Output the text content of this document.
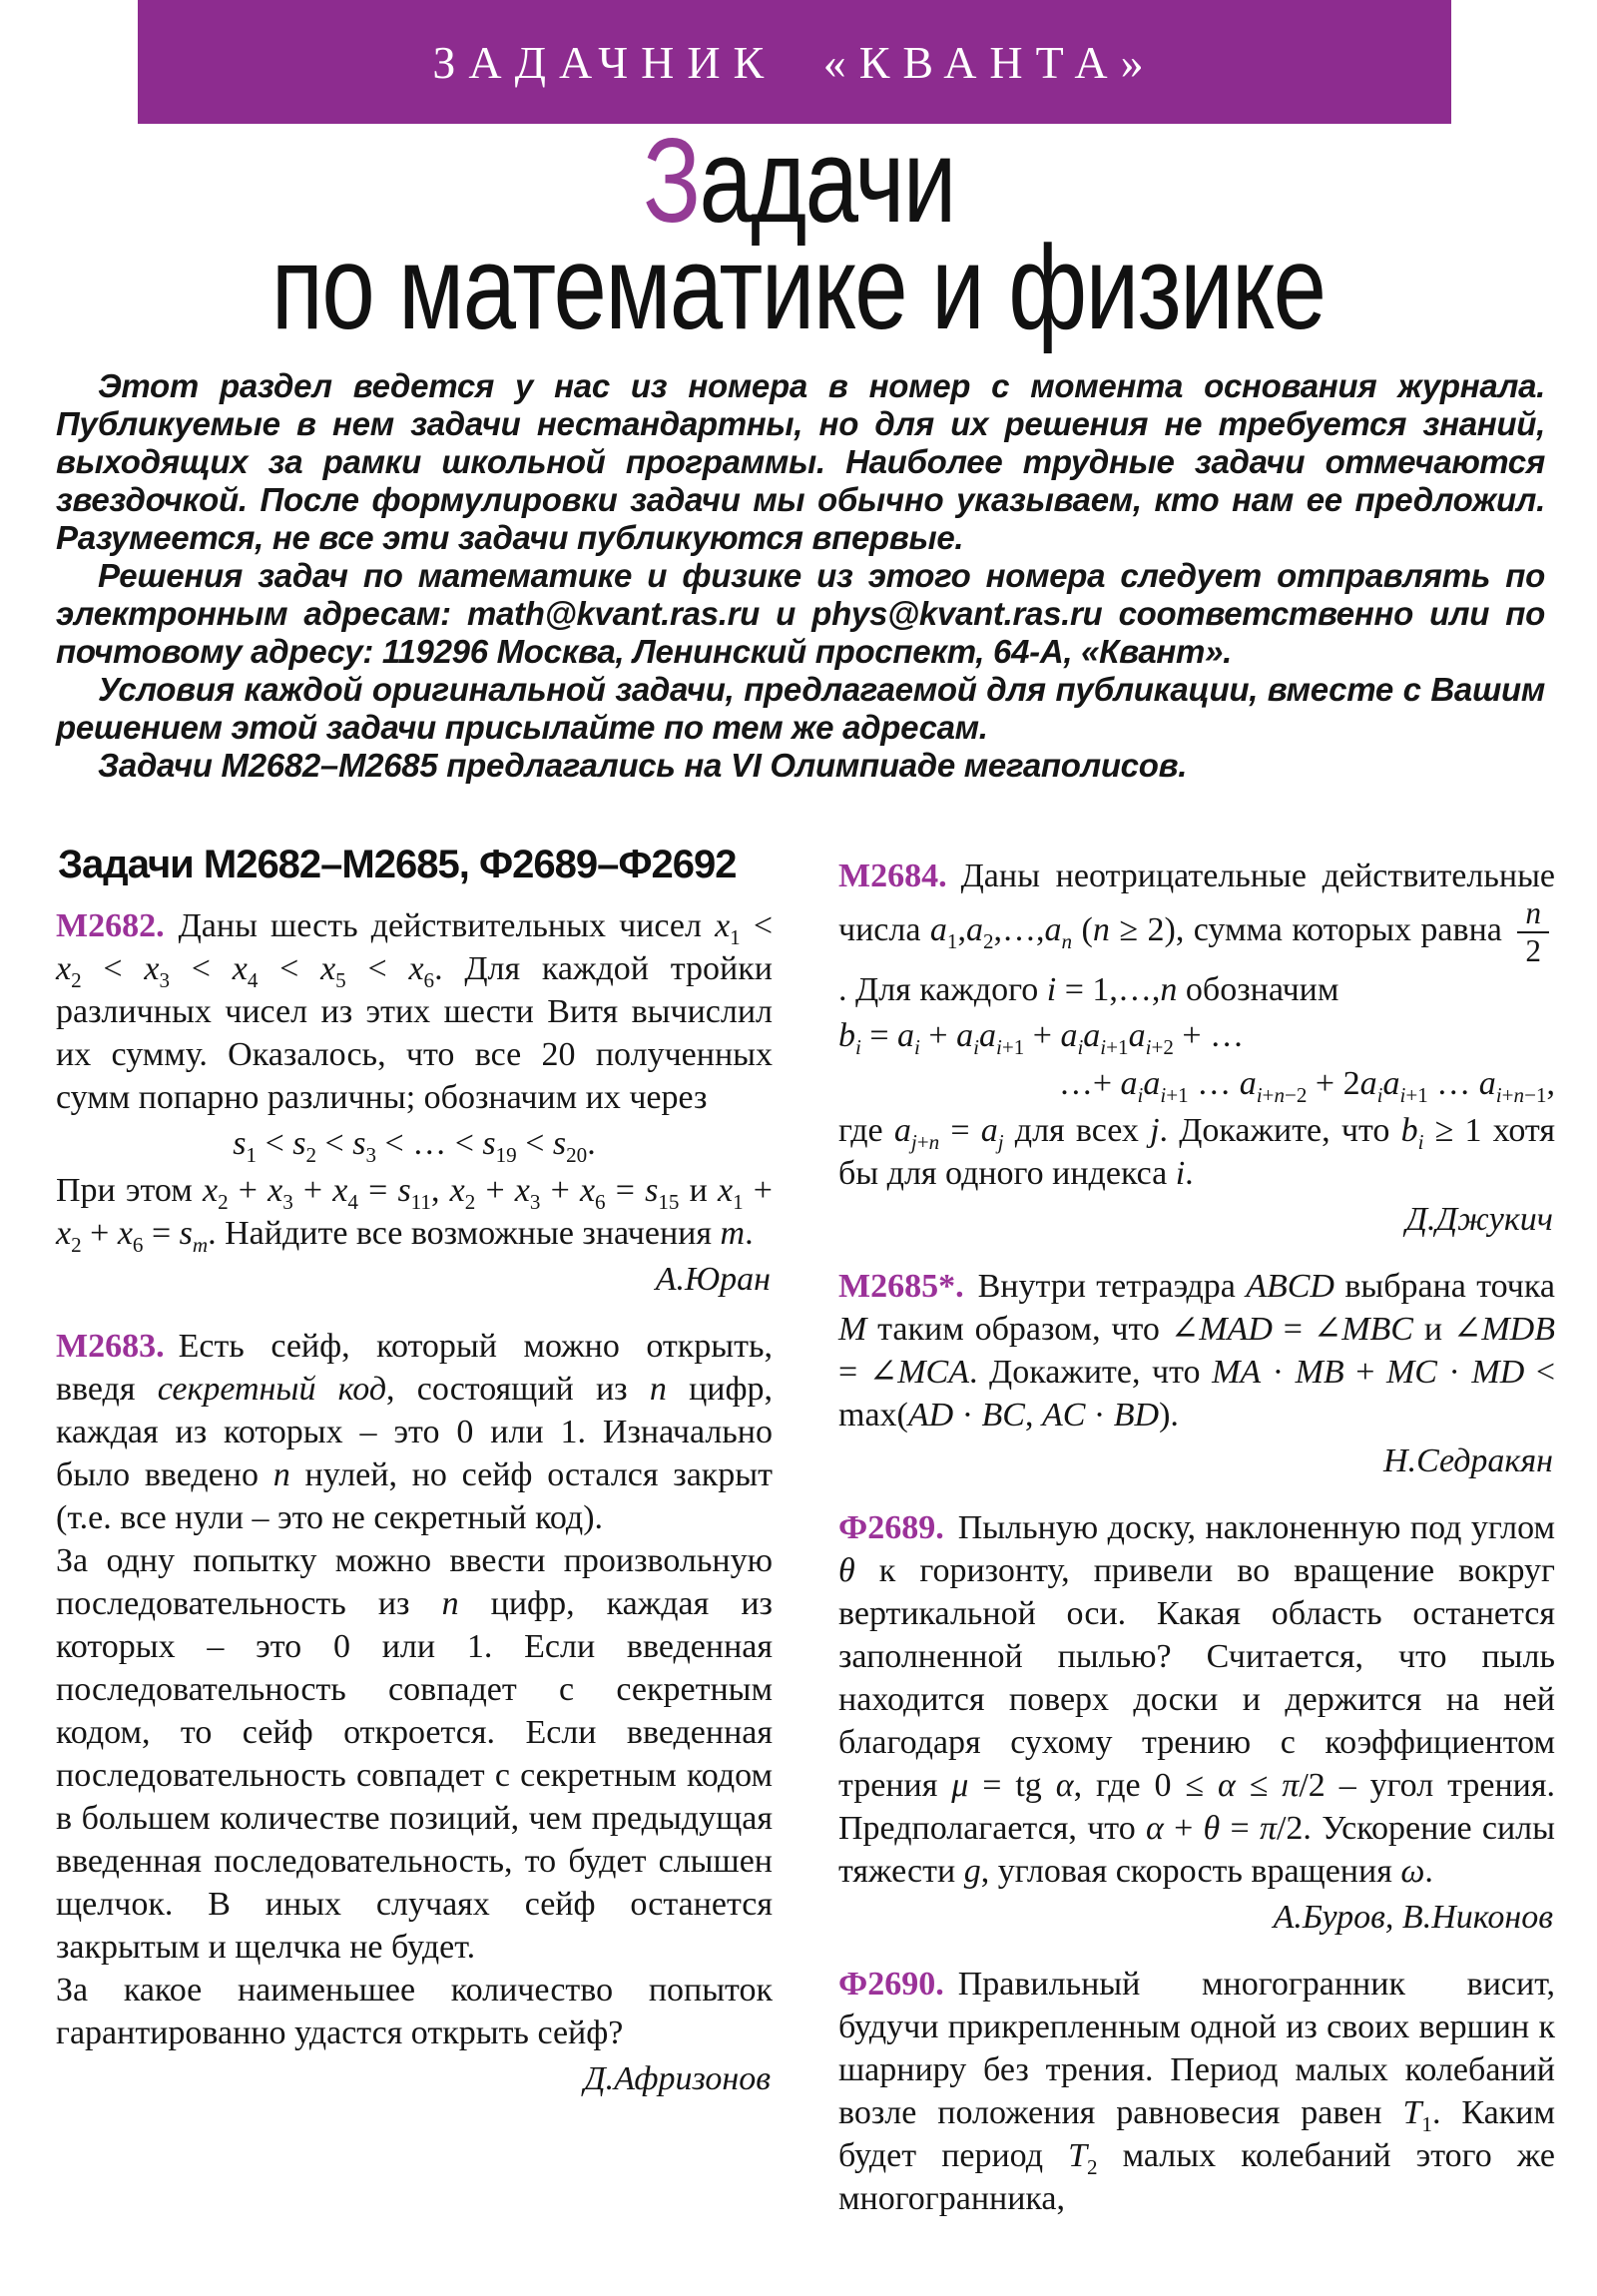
ЗАДАЧНИК «КВАНТА»
Задачи
по математике и физике

Этот раздел ведется у нас из номера в номер с момента основания журнала. Публикуемые в нем задачи нестандартны, но для их решения не требуется знаний, выходящих за рамки школьной программы. Наиболее трудные задачи отмечаются звездочкой. После формулировки задачи мы обычно указываем, кто нам ее предложил. Разумеется, не все эти задачи публикуются впервые.

Решения задач по математике и физике из этого номера следует отправлять по электронным адресам: math@kvant.ras.ru и phys@kvant.ras.ru соответственно или по почтовому адресу: 119296 Москва, Ленинский проспект, 64-А, «Квант».

Условия каждой оригинальной задачи, предлагаемой для публикации, вместе с Вашим решением этой задачи присылайте по тем же адресам.

Задачи М2682–М2685 предлагались на VI Олимпиаде мегаполисов.

Задачи М2682–М2685, Ф2689–Ф2692

М2682. Даны шесть действительных чисел $x_1 < x_2 < x_3 < x_4 < x_5 < x_6$. Для каждой тройки различных чисел из этих шести Витя вычислил их сумму. Оказалось, что все 20 полученных сумм попарно различны; обозначим их через

$s_1 < s_2 < s_3$ < … < $s_{19} < s_{20}$.

При этом $x_2 + x_3 + x_4 = s_{11}$, $x_2 + x_3 + x_6 = s_{15}$ и $x_1 + x_2 + x_6 = s_m$. Найдите все возможные значения m.

А.Юран

М2683. Есть сейф, который можно открыть, введя секретный код, состоящий из n цифр, каждая из которых – это 0 или 1. Изначально было введено n нулей, но сейф остался закрыт (т.е. все нули – это не секретный код).

За одну попытку можно ввести произвольную последовательность из n цифр, каждая из которых – это 0 или 1. Если введенная последовательность совпадет с секретным кодом, то сейф откроется. Если введенная последовательность совпадет с секретным кодом в большем количестве позиций, чем предыдущая введенная последовательность, то будет слышен щелчок. В иных случаях сейф останется закрытым и щелчка не будет.

За какое наименьшее количество попыток гарантированно удастся открыть сейф?

Д.Афризонов

М2684. Даны неотрицательные действительные числа $a_1,a_2,\dots,a_n$ (n ≥ 2), сумма которых равна $\frac{n}{2}$
. Для каждого i = 1,…,n обозначим

$b_i = a_i + a_ia_{i+1} + a_ia_{i+1}a_{i+2}$ + …
…+ $a_ia_{i+1}$ … $a_{i+n-2} + 2a_ia_{i+1}$ … $a_{i+n-1}$,

где $a_{j+n} = a_j$ для всех j. Докажите, что $b_i \ge 1$ хотя бы для одного индекса i.

Д.Джукич

М2685*. Внутри тетраэдра ABCD выбрана точка M таким образом, что ∠MAD = ∠MBC и ∠MDB = ∠MCA. Докажите, что MA · MB + MC · MD < max(AD · BC, AC · BD).

Н.Седракян

Ф2689. Пыльную доску, наклоненную под углом θ к горизонту, привели во вращение вокруг вертикальной оси. Какая область останется заполненной пылью? Считается, что пыль находится поверх доски и держится на ней благодаря сухому трению с коэффициентом трения μ = tg α, где 0 ≤ α ≤ π/2 – угол трения. Предполагается, что α + θ = π/2. Ускорение силы тяжести g, угловая скорость вращения ω.

А.Буров, В.Никонов

Ф2690. Правильный многогранник висит, будучи прикрепленным одной из своих вершин к шарниру без трения. Период малых колебаний возле положения равновесия равен $T_1$. Каким будет период $T_2$ малых колебаний этого же многогранника,
